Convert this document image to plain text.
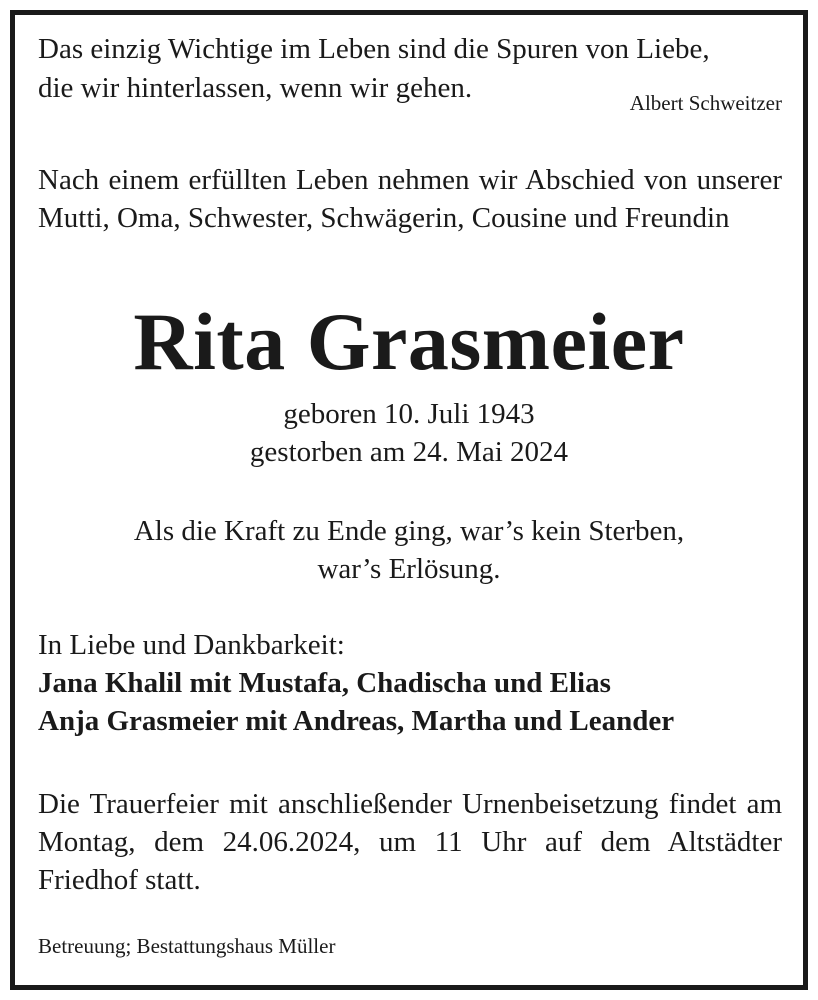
Das einzig Wichtige im Leben sind die Spuren von Liebe,
die wir hinterlassen, wenn wir gehen.	Albert Schweitzer

Nach einem erfüllten Leben nehmen wir Abschied von unserer Mutti, Oma, Schwester, Schwägerin, Cousine und Freundin

Rita Grasmeier
geboren 10. Juli 1943
gestorben am 24. Mai 2024
Als die Kraft zu Ende ging, war’s kein Sterben,
war’s Erlösung.

In Liebe und Dankbarkeit:

Jana Khalil mit Mustafa, Chadischa und Elias
Anja Grasmeier mit Andreas, Martha und Leander

Die Trauerfeier mit anschließender Urnenbeisetzung findet am Montag, dem 24.06.2024, um 11 Uhr auf dem Altstädter Friedhof statt.

Betreuung; Bestattungshaus Müller
